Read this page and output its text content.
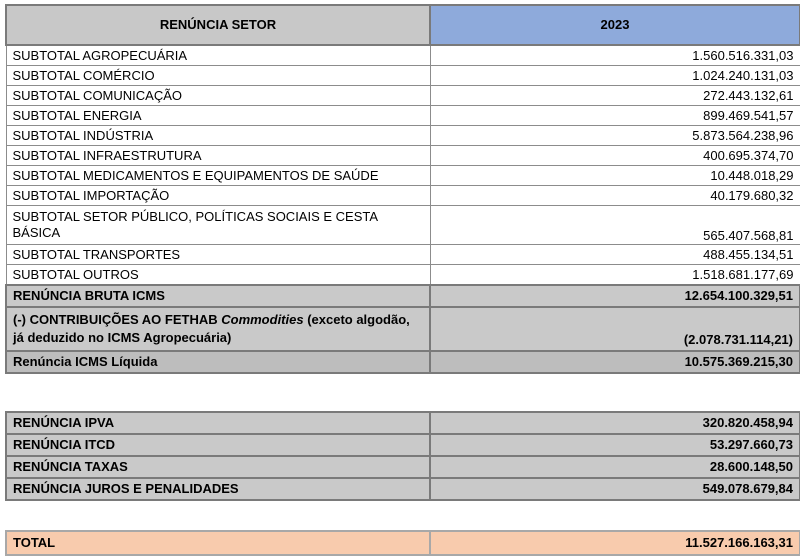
RENÚNCIA SETOR	2023
SUBTOTAL AGROPECUÁRIA	1.560.516.331,03
SUBTOTAL COMÉRCIO	1.024.240.131,03
SUBTOTAL COMUNICAÇÃO	272.443.132,61
SUBTOTAL ENERGIA	899.469.541,57
SUBTOTAL INDÚSTRIA	5.873.564.238,96
SUBTOTAL INFRAESTRUTURA	400.695.374,70
SUBTOTAL MEDICAMENTOS E EQUIPAMENTOS DE SAÚDE	10.448.018,29
SUBTOTAL IMPORTAÇÃO	40.179.680,32
SUBTOTAL SETOR PÚBLICO, POLÍTICAS SOCIAIS E CESTA BÁSICA	565.407.568,81
SUBTOTAL TRANSPORTES	488.455.134,51
SUBTOTAL OUTROS	1.518.681.177,69
RENÚNCIA BRUTA ICMS	12.654.100.329,51
(-) CONTRIBUIÇÕES AO FETHAB Commodities (exceto algodão, já deduzido no ICMS Agropecuária)	(2.078.731.114,21)
Renúncia ICMS Líquida	10.575.369.215,30
RENÚNCIA IPVA	320.820.458,94
RENÚNCIA ITCD	53.297.660,73
RENÚNCIA TAXAS	28.600.148,50
RENÚNCIA JUROS E PENALIDADES	549.078.679,84
TOTAL	11.527.166.163,31
